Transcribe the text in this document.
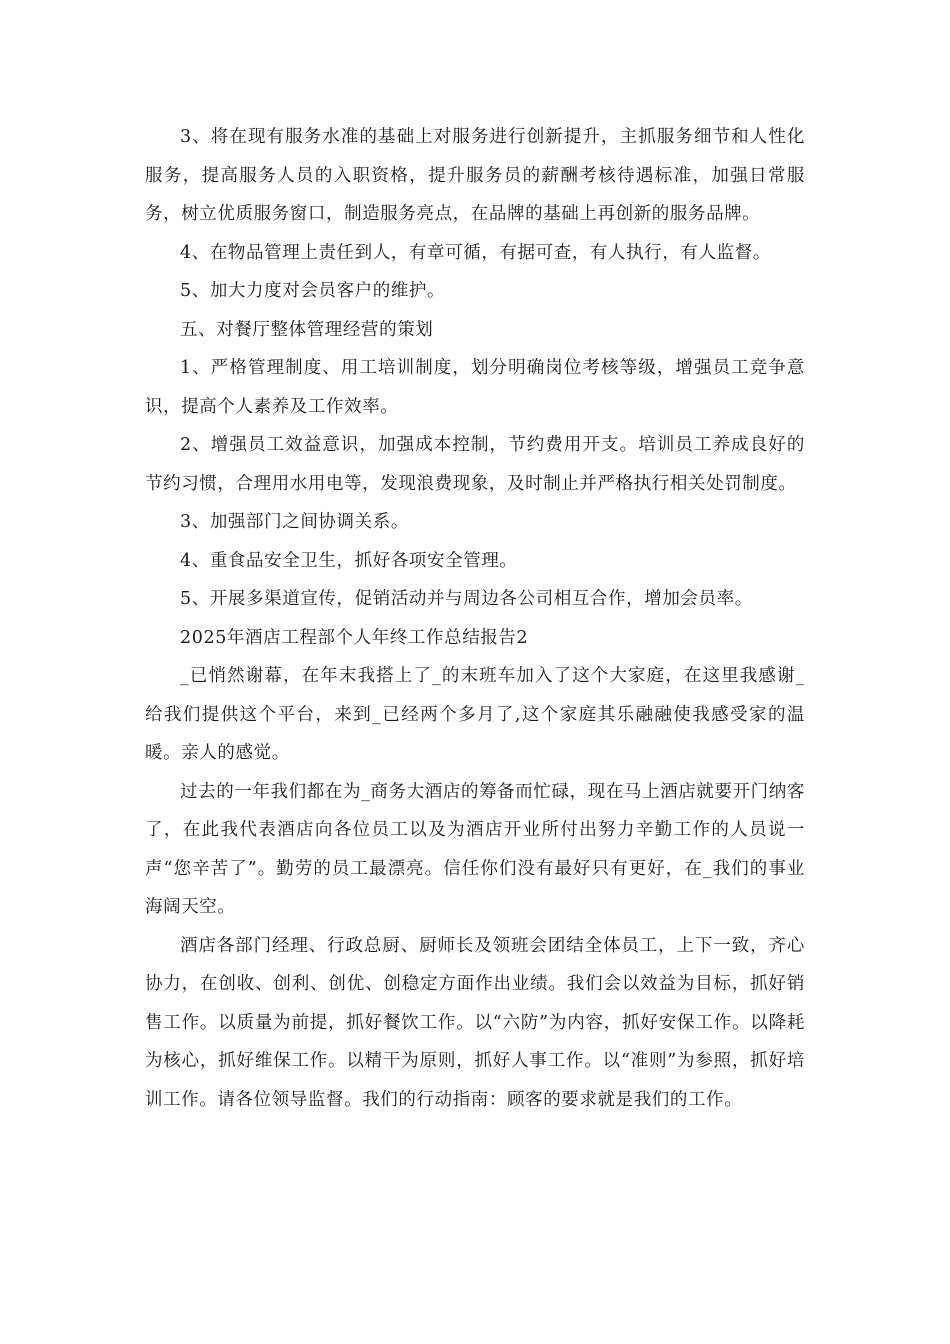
3、将在现有服务水准的基础上对服务进行创新提升，主抓服务细节和人性化服务，提高服务人员的入职资格，提升服务员的薪酬考核待遇标准，加强日常服务，树立优质服务窗口，制造服务亮点，在品牌的基础上再创新的服务品牌。

4、在物品管理上责任到人，有章可循，有据可查，有人执行，有人监督。

5、加大力度对会员客户的维护。

五、对餐厅整体管理经营的策划

1、严格管理制度、用工培训制度，划分明确岗位考核等级，增强员工竞争意识，提高个人素养及工作效率。

2、增强员工效益意识，加强成本控制，节约费用开支。培训员工养成良好的节约习惯，合理用水用电等，发现浪费现象，及时制止并严格执行相关处罚制度。

3、加强部门之间协调关系。

4、重食品安全卫生，抓好各项安全管理。

5、开展多渠道宣传，促销活动并与周边各公司相互合作，增加会员率。

2025年酒店工程部个人年终工作总结报告2

_已悄然谢幕，在年末我搭上了_的末班车加入了这个大家庭，在这里我感谢_给我们提供这个平台，来到_已经两个多月了,这个家庭其乐融融使我感受家的温暖。亲人的感觉。

过去的一年我们都在为_商务大酒店的筹备而忙碌，现在马上酒店就要开门纳客了，在此我代表酒店向各位员工以及为酒店开业所付出努力辛勤工作的人员说一声“您辛苦了”。勤劳的员工最漂亮。信任你们没有最好只有更好，在_我们的事业海阔天空。

酒店各部门经理、行政总厨、厨师长及领班会团结全体员工，上下一致，齐心协力，在创收、创利、创优、创稳定方面作出业绩。我们会以效益为目标，抓好销售工作。以质量为前提，抓好餐饮工作。以“六防”为内容，抓好安保工作。以降耗为核心，抓好维保工作。以精干为原则，抓好人事工作。以“准则”为参照，抓好培训工作。请各位领导监督。我们的行动指南：顾客的要求就是我们的工作。
